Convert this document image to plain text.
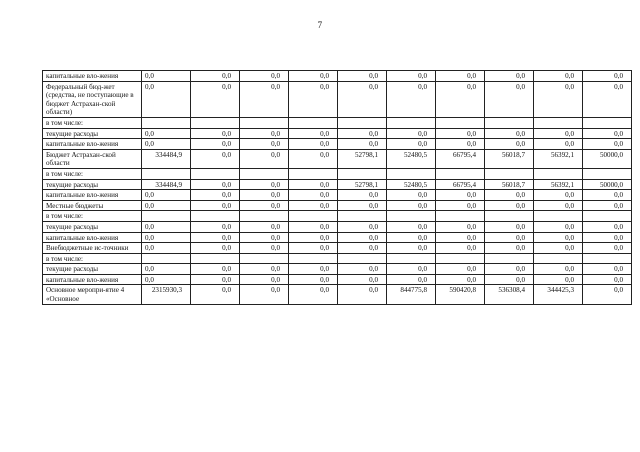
7
капитальные вло-жения	0,0	0,0	0,0	0,0	0,0	0,0	0,0	0,0	0,0	0,0
Федеральный бюд-жет (средства, не поступающие в бюджет Астрахан-ской области)	0,0	0,0	0,0	0,0	0,0	0,0	0,0	0,0	0,0	0,0
в том числе:										
текущие расходы	0,0	0,0	0,0	0,0	0,0	0,0	0,0	0,0	0,0	0,0
капитальные вло-жения	0,0	0,0	0,0	0,0	0,0	0,0	0,0	0,0	0,0	0,0
Бюджет Астрахан-ской области	334484,9	0,0	0,0	0,0	52798,1	52480,5	66795,4	56018,7	56392,1	50000,0
в том числе:										
текущие расходы	334484,9	0,0	0,0	0,0	52798,1	52480,5	66795,4	56018,7	56392,1	50000,0
капитальные вло-жения	0,0	0,0	0,0	0,0	0,0	0,0	0,0	0,0	0,0	0,0
Местные бюджеты	0,0	0,0	0,0	0,0	0,0	0,0	0,0	0,0	0,0	0,0
в том числе:										
текущие расходы	0,0	0,0	0,0	0,0	0,0	0,0	0,0	0,0	0,0	0,0
капитальные вло-жения	0,0	0,0	0,0	0,0	0,0	0,0	0,0	0,0	0,0	0,0
Внебюджетные ис-точники	0,0	0,0	0,0	0,0	0,0	0,0	0,0	0,0	0,0	0,0
в том числе:										
текущие расходы	0,0	0,0	0,0	0,0	0,0	0,0	0,0	0,0	0,0	0,0
капитальные вло-жения	0,0	0,0	0,0	0,0	0,0	0,0	0,0	0,0	0,0	0,0
Основное меропри-ятие 4 «Основное	2315930,3	0,0	0,0	0,0	0,0	844775,8	590420,8	536308,4	344425,3	0,0
